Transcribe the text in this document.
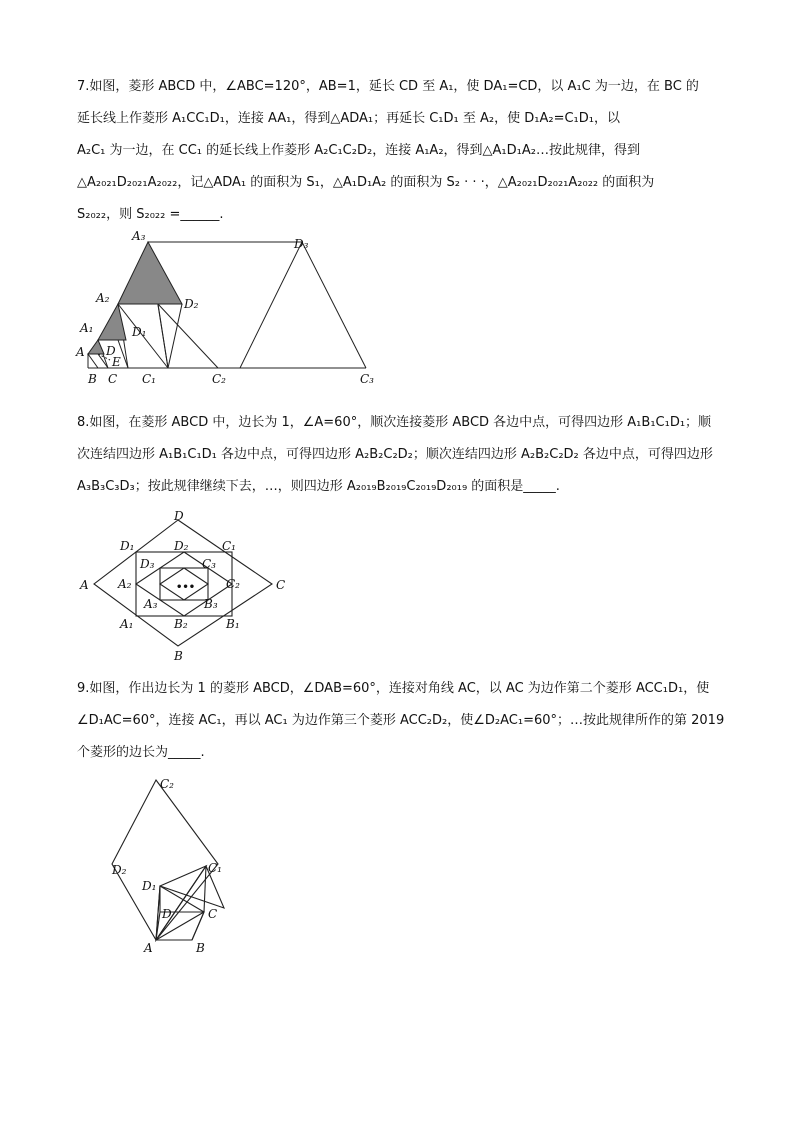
7.如图，菱形 ABCD 中，∠ABC=120°，AB=1，延长 CD 至 A₁，使 DA₁=CD，以 A₁C 为一边，在 BC 的
延长线上作菱形 A₁CC₁D₁，连接 AA₁，得到△ADA₁；再延长 C₁D₁ 至 A₂，使 D₁A₂=C₁D₁，以
A₂C₁ 为一边，在 CC₁ 的延长线上作菱形 A₂C₁C₂D₂，连接 A₁A₂，得到△A₁D₁A₂…按此规律，得到
△A₂₀₂₁D₂₀₂₁A₂₀₂₂，记△ADA₁ 的面积为 S₁，△A₁D₁A₂ 的面积为 S₂ · · ·，△A₂₀₂₁D₂₀₂₁A₂₀₂₂ 的面积为
S₂₀₂₂，则 S₂₀₂₂ =______.
A₃
D₃
A₂	D₂
A₁	D₁
A D
E
B C C₁	C₂	C₃
8.如图，在菱形 ABCD 中，边长为 1，∠A=60°，顺次连接菱形 ABCD 各边中点，可得四边形 A₁B₁C₁D₁；顺
次连结四边形 A₁B₁C₁D₁ 各边中点，可得四边形 A₂B₂C₂D₂；顺次连结四边形 A₂B₂C₂D₂ 各边中点，可得四边形
A₃B₃C₃D₃；按此规律继续下去，…，则四边形 A₂₀₁₉B₂₀₁₉C₂₀₁₉D₂₀₁₉ 的面积是_____.
•••
D
A	C
B
D₁	C₁
A₁	B₁
D₂
A₂	C₂
B₂
D₃	C₃
A₃	B₃
9.如图，作出边长为 1 的菱形 ABCD，∠DAB=60°，连接对角线 AC，以 AC 为边作第二个菱形 ACC₁D₁，使
∠D₁AC=60°，连接 AC₁，再以 AC₁ 为边作第三个菱形 ACC₂D₂，使∠D₂AC₁=60°；…按此规律所作的第 2019
个菱形的边长为_____.
C₂
D₂	C₁
D₁
D	C
A	B
